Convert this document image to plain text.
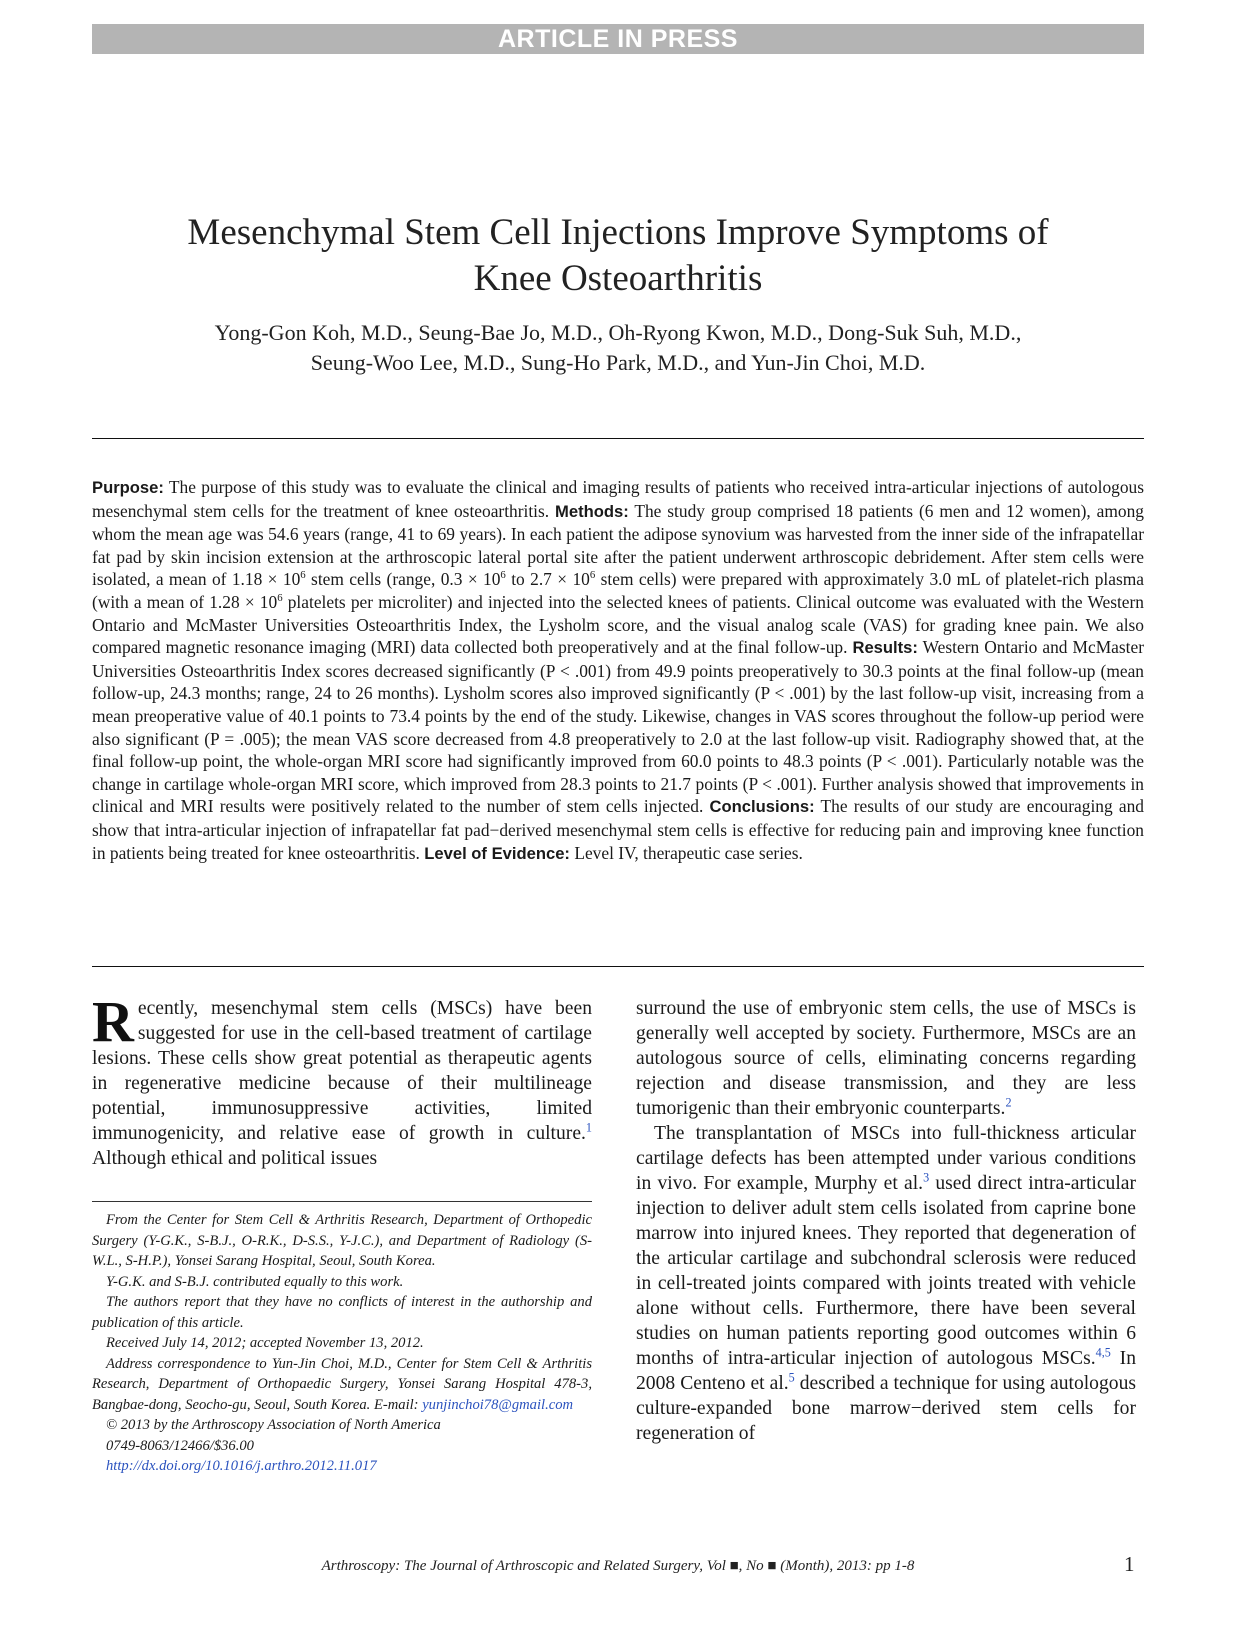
ARTICLE IN PRESS
Mesenchymal Stem Cell Injections Improve Symptoms of
Knee Osteoarthritis
Yong-Gon Koh, M.D., Seung-Bae Jo, M.D., Oh-Ryong Kwon, M.D., Dong-Suk Suh, M.D.,
Seung-Woo Lee, M.D., Sung-Ho Park, M.D., and Yun-Jin Choi, M.D.
Purpose: The purpose of this study was to evaluate the clinical and imaging results of patients who received intra-articular injections of autologous mesenchymal stem cells for the treatment of knee osteoarthritis. Methods: The study group comprised 18 patients (6 men and 12 women), among whom the mean age was 54.6 years (range, 41 to 69 years). In each patient the adipose synovium was harvested from the inner side of the infrapatellar fat pad by skin incision extension at the arthroscopic lateral portal site after the patient underwent arthroscopic debridement. After stem cells were isolated, a mean of $1.18 \times 10^6$ stem cells (range, $0.3 \times 10^6$ to $2.7 \times 10^6$ stem cells) were prepared with approximately 3.0 mL of platelet-rich plasma (with a mean of $1.28 \times 10^6$ platelets per microliter) and injected into the selected knees of patients. Clinical outcome was evaluated with the Western Ontario and McMaster Universities Osteoarthritis Index, the Lysholm score, and the visual analog scale (VAS) for grading knee pain. We also compared magnetic resonance imaging (MRI) data collected both preoperatively and at the final follow-up. Results: Western Ontario and McMaster Universities Osteoarthritis Index scores decreased significantly (P < .001) from 49.9 points preoperatively to 30.3 points at the final follow-up (mean follow-up, 24.3 months; range, 24 to 26 months). Lysholm scores also improved significantly (P < .001) by the last follow-up visit, increasing from a mean preoperative value of 40.1 points to 73.4 points by the end of the study. Likewise, changes in VAS scores throughout the follow-up period were also significant (P = .005); the mean VAS score decreased from 4.8 preoperatively to 2.0 at the last follow-up visit. Radiography showed that, at the final follow-up point, the whole-organ MRI score had significantly improved from 60.0 points to 48.3 points (P < .001). Particularly notable was the change in cartilage whole-organ MRI score, which improved from 28.3 points to 21.7 points (P < .001). Further analysis showed that improvements in clinical and MRI results were positively related to the number of stem cells injected. Conclusions: The results of our study are encouraging and show that intra-articular injection of infrapatellar fat pad−derived mesenchymal stem cells is effective for reducing pain and improving knee function in patients being treated for knee osteoarthritis. Level of Evidence: Level IV, therapeutic case series.

Recently, mesenchymal stem cells (MSCs) have been suggested for use in the cell-based treatment of cartilage lesions. These cells show great potential as therapeutic agents in regenerative medicine because of their multilineage potential, immunosuppressive activities, limited immunogenicity, and relative ease of growth in culture.$^1$ Although ethical and political issues

From the Center for Stem Cell & Arthritis Research, Department of Orthopedic Surgery (Y-G.K., S-B.J., O-R.K., D-S.S., Y-J.C.), and Department of Radiology (S-W.L., S-H.P.), Yonsei Sarang Hospital, Seoul, South Korea.

Y-G.K. and S-B.J. contributed equally to this work.

The authors report that they have no conflicts of interest in the authorship and publication of this article.

Received July 14, 2012; accepted November 13, 2012.

Address correspondence to Yun-Jin Choi, M.D., Center for Stem Cell & Arthritis Research, Department of Orthopaedic Surgery, Yonsei Sarang Hospital 478-3, Bangbae-dong, Seocho-gu, Seoul, South Korea. E-mail: yunjinchoi78@gmail.com

© 2013 by the Arthroscopy Association of North America

0749-8063/12466/$36.00

http://dx.doi.org/10.1016/j.arthro.2012.11.017

surround the use of embryonic stem cells, the use of MSCs is generally well accepted by society. Furthermore, MSCs are an autologous source of cells, eliminating concerns regarding rejection and disease transmission, and they are less tumorigenic than their embryonic counterparts.$^2$

The transplantation of MSCs into full-thickness articular cartilage defects has been attempted under various conditions in vivo. For example, Murphy et al.$^3$ used direct intra-articular injection to deliver adult stem cells isolated from caprine bone marrow into injured knees. They reported that degeneration of the articular cartilage and subchondral sclerosis were reduced in cell-treated joints compared with joints treated with vehicle alone without cells. Furthermore, there have been several studies on human patients reporting good outcomes within 6 months of intra-articular injection of autologous MSCs.$^{4,5}$ In 2008 Centeno et al.$^5$ described a technique for using autologous culture-expanded bone marrow−derived stem cells for regeneration of

Arthroscopy: The Journal of Arthroscopic and Related Surgery, Vol ■, No ■ (Month), 2013: pp 1-8	1
